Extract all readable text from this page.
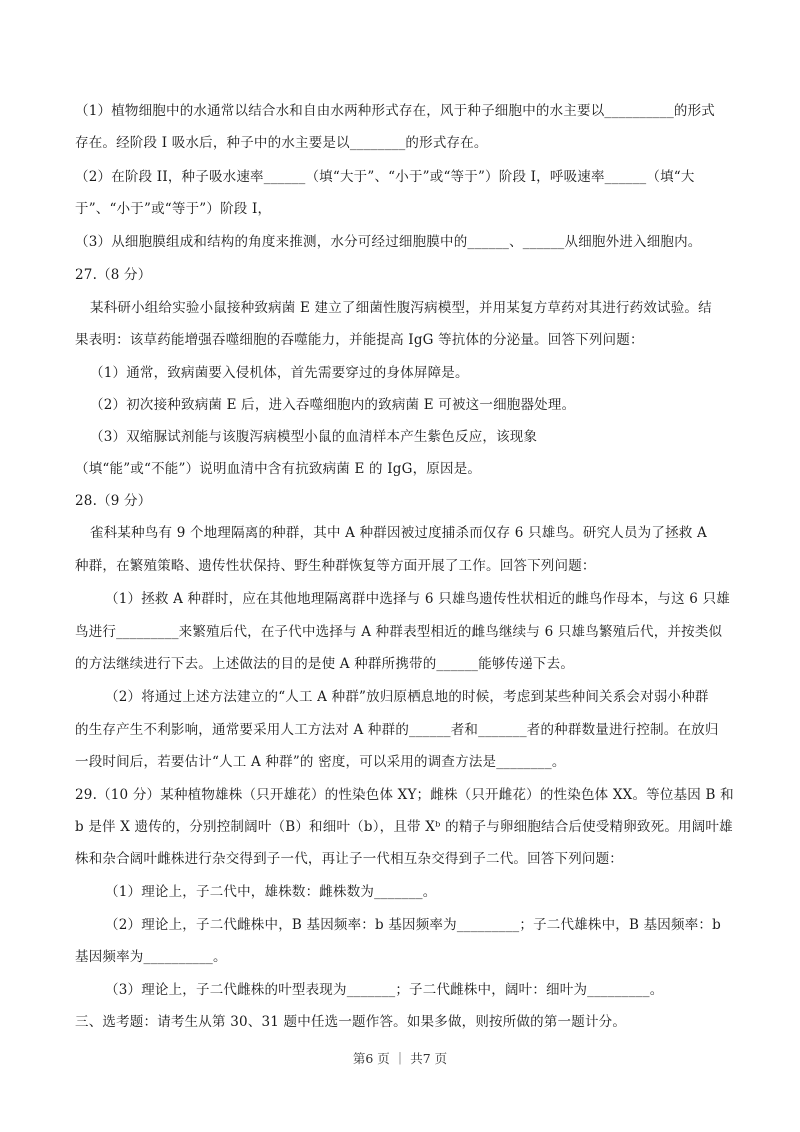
（1）植物细胞中的水通常以结合水和自由水两种形式存在，风于种子细胞中的水主要以__________的形式
存在。经阶段 I 吸水后，种子中的水主要是以________的形式存在。
（2）在阶段 II，种子吸水速率______（填“大于”、“小于”或“等于”）阶段 I，呼吸速率______（填“大
于”、“小于”或“等于”）阶段 I，
（3）从细胞膜组成和结构的角度来推测，水分可经过细胞膜中的______、______从细胞外进入细胞内。
27.（8 分）
某科研小组给实验小鼠接种致病菌 E 建立了细菌性腹泻病模型，并用某复方草药对其进行药效试验。结
果表明：该草药能增强吞噬细胞的吞噬能力，并能提高 IgG 等抗体的分泌量。回答下列问题：
（1）通常，致病菌要入侵机体，首先需要穿过的身体屏障是。
（2）初次接种致病菌 E 后，进入吞噬细胞内的致病菌 E 可被这一细胞器处理。
（3）双缩脲试剂能与该腹泻病模型小鼠的血清样本产生紫色反应，该现象
（填“能”或“不能”）说明血清中含有抗致病菌 E 的 IgG，原因是。
28.（9 分）
雀科某种鸟有 9 个地理隔离的种群，其中 A 种群因被过度捕杀而仅存 6 只雄鸟。研究人员为了拯救 A
种群，在繁殖策略、遗传性状保持、野生种群恢复等方面开展了工作。回答下列问题：
（1）拯救 A 种群时，应在其他地理隔离群中选择与 6 只雄鸟遗传性状相近的雌鸟作母本，与这 6 只雄
鸟进行_________来繁殖后代，在子代中选择与 A 种群表型相近的雌鸟继续与 6 只雄鸟繁殖后代，并按类似
的方法继续进行下去。上述做法的目的是使 A 种群所携带的______能够传递下去。
（2）将通过上述方法建立的“人工 A 种群”放归原栖息地的时候，考虑到某些种间关系会对弱小种群
的生存产生不利影响，通常要采用人工方法对 A 种群的______者和_______者的种群数量进行控制。在放归
一段时间后，若要估计“人工 A 种群”的 密度，可以采用的调查方法是________。
29.（10 分）某种植物雄株（只开雄花）的性染色体 XY；雌株（只开雌花）的性染色体 XX。等位基因 B 和
b 是伴 X 遗传的，分别控制阔叶（B）和细叶（b），且带 Xᵇ 的精子与卵细胞结合后使受精卵致死。用阔叶雄
株和杂合阔叶雌株进行杂交得到子一代，再让子一代相互杂交得到子二代。回答下列问题：
（1）理论上，子二代中，雄株数：雌株数为_______。
（2）理论上，子二代雌株中，B 基因频率：b 基因频率为_________；子二代雄株中，B 基因频率：b
基因频率为__________。
（3）理论上，子二代雌株的叶型表现为_______；子二代雌株中，阔叶：细叶为_________。
三、选考题：请考生从第 30、31 题中任选一题作答。如果多做，则按所做的第一题计分。
第6 页 ｜ 共7 页
